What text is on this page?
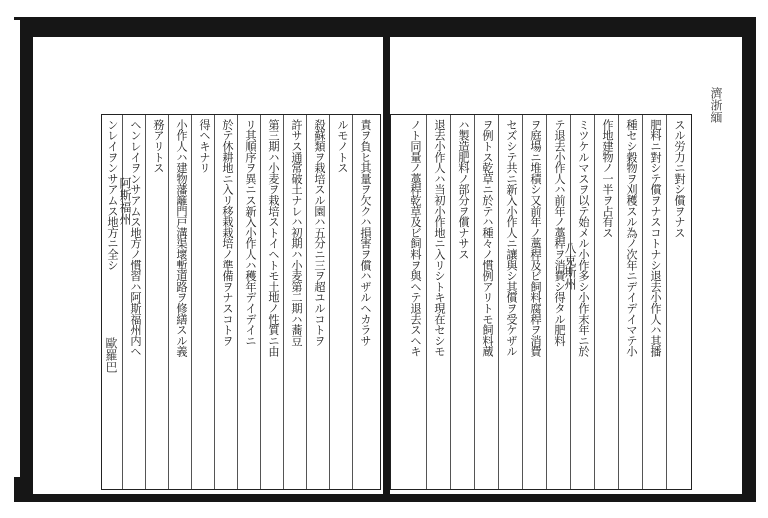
責ヲ負ヒ其量ヲ欠クハ損害ヲ償ハザルヘカラサ
ルモノトス
殺蘇類ヲ栽培スル園ハ五分ニ三ヲ超ユルコトヲ
許サス通常破土ナレハ初期ハ小麦第二期ハ蕎豆
第三期ハ小麦ヲ栽培ストイヘトモ土地ノ性質ニ由
リ其順序ヲ異ニス新入小作人ハ穫年デイデイニ
於テ休耕地ニ入リ移栽栽培ノ準備ヲナスコトヲ
得ヘキナリ
小作人ハ建物藩籬門戸溝渠壞塹道路ヲ修繕スル義
務アリトス
ヘンレイヲンサアムス地方ノ慣習ハ阿斯福州内ヘ
ンレイヲンサアムス地方ニ全シ 阿斯福州
歐羅巴
スル労力ニ對シ償ヲナス
肥料ニ對シテ償ヲナスコトナシ退去小作人ハ其播
種セシ穀物ヲ刈穫スル為ノ次年ニデイデイマテ小
作地建物ノ一半ヲ占有ス
ミツケルマスヲ以テ始メル小作多シ小作末年ニ於
テ退去小作人ハ前年ノ藁稈ヲ消費シ得タル肥料
ヲ庭場ニ堆積シ又前年ノ藁稈及ビ飼料腐稈ヲ消費
セズシテ共ニ新入小作人ニ讓與シ其償ヲ受ケザル
ヲ例トス乾草ニ於テハ種々ノ慣例アリトモ飼料蔵
ハ製造肥料ノ部分ヲ償ナサス
退去小作人ハ当初小作地ニ入リシトキ現在セシモ
ノト同量ノ藁稈乾草及ビ飼料ヲ與ヘテ退去スヘキ	八克斯州
濟浙緬
